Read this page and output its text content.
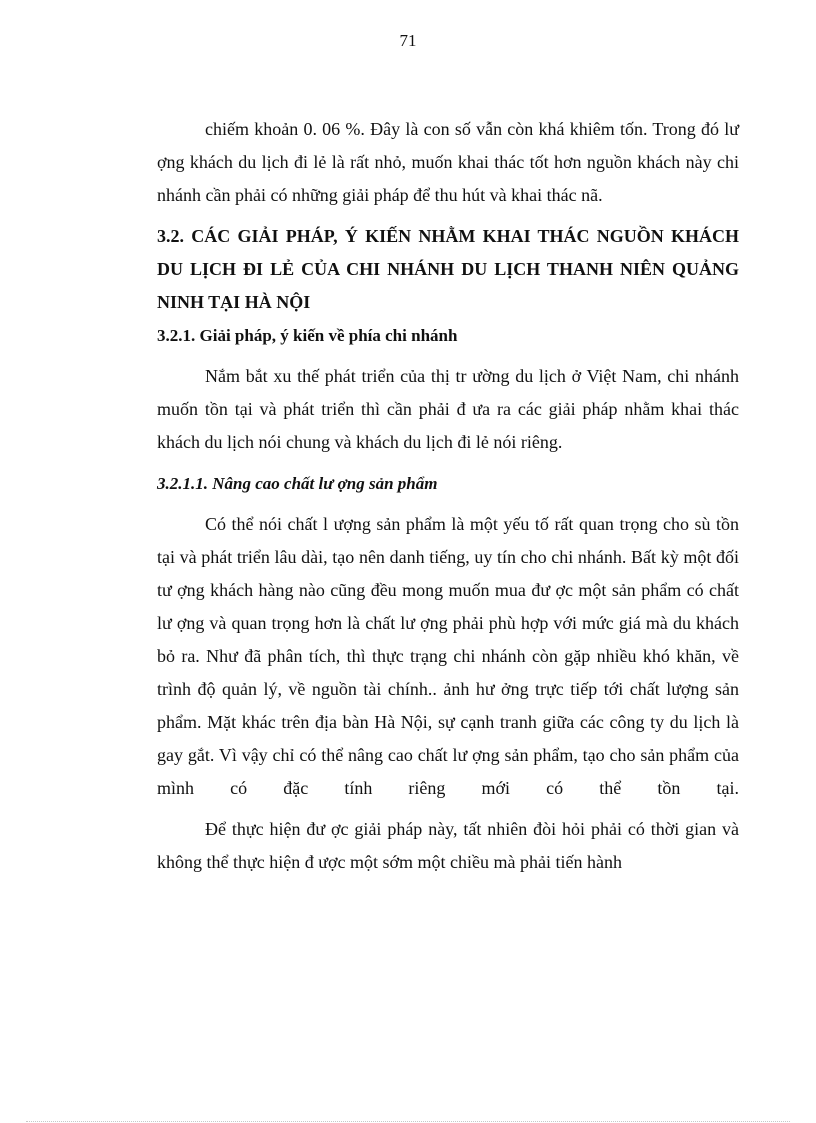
71

chiếm khoản 0. 06 %. Đây là con số vẫn còn khá khiêm tốn. Trong đó lư ợng khách du lịch đi lẻ là rất nhỏ, muốn khai thác tốt hơn nguồn khách này chi nhánh cần phải có những giải pháp để thu hút và khai thác nã.

3.2. CÁC GIẢI PHÁP, Ý KIẾN NHẰM KHAI THÁC NGUỒN KHÁCH DU LỊCH ĐI LẺ CỦA CHI NHÁNH DU LỊCH THANH NIÊN QUẢNG NINH TẠI HÀ NỘI
3.2.1. Giải pháp, ý kiến về phía chi nhánh

Nắm bắt xu thế phát triển của thị tr ường du lịch ở Việt Nam, chi nhánh muốn tồn tại và phát triển thì cần phải đ ưa ra các giải pháp nhằm khai thác khách du lịch nói chung và khách du lịch đi lẻ nói riêng.

3.2.1.1. Nâng cao chất lư ợng sản phẩm

Có thể nói chất l ượng sản phẩm là một yếu tố rất quan trọng cho sù tồn tại và phát triển lâu dài, tạo nên danh tiếng, uy tín cho chi nhánh. Bất kỳ một đối tư ợng khách hàng nào cũng đều mong muốn mua đư ợc một sản phẩm có chất lư ợng và quan trọng hơn là chất lư ợng phải phù hợp với mức giá mà du khách bỏ ra. Như đã phân tích, thì thực trạng chi nhánh còn gặp nhiều khó khăn, về trình độ quản lý, về nguồn tài chính.. ảnh hư ởng trực tiếp tới chất lượng sản phẩm. Mặt khác trên địa bàn Hà Nội, sự cạnh tranh giữa các công ty du lịch là gay gắt. Vì vậy chỉ có thể nâng cao chất lư ợng sản phẩm, tạo cho sản phẩm của mình có đặc tính riêng mới có thể tồn tại.

Để thực hiện đư ợc giải pháp này, tất nhiên đòi hỏi phải có thời gian và không thể thực hiện đ ược một sớm một chiều mà phải tiến hành
